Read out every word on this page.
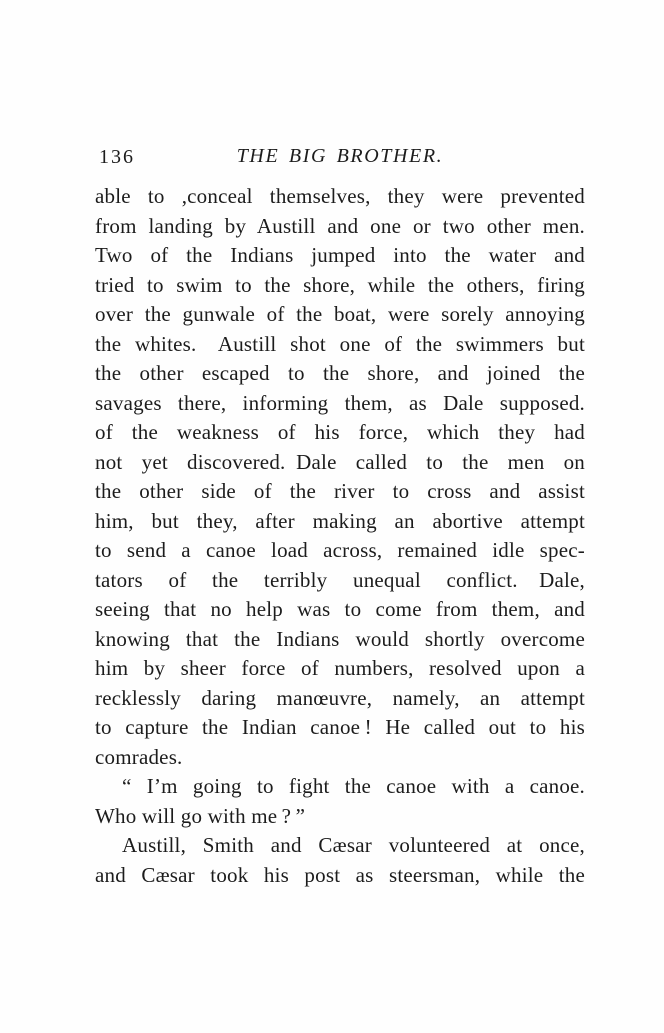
136	THE BIG BROTHER.
able to ,conceal themselves, they were prevented
from landing by Austill and one or two other men.
Two of the Indians jumped into the water and
tried to swim to the shore, while the others, firing
over the gunwale of the boat, were sorely annoying
the whites.  Austill shot one of the swimmers but
the other escaped to the shore, and joined the
savages there, informing them, as Dale supposed.
of the weakness of his force, which they had
not yet discovered. Dale called to the men on
the other side of the river to cross and assist
him, but they, after making an abortive attempt
to send a canoe load across, remained idle spec-
tators of the terribly unequal conflict.  Dale,
seeing that no help was to come from them, and
knowing that the Indians would shortly overcome
him by sheer force of numbers, resolved upon a
recklessly daring manœuvre, namely, an attempt
to capture the Indian canoe ! He called out to his
comrades.
“ I’m going to fight the canoe with a canoe.
Who will go with me ? ”
Austill, Smith and Cæsar volunteered at once,
and Cæsar took his post as steersman, while the
